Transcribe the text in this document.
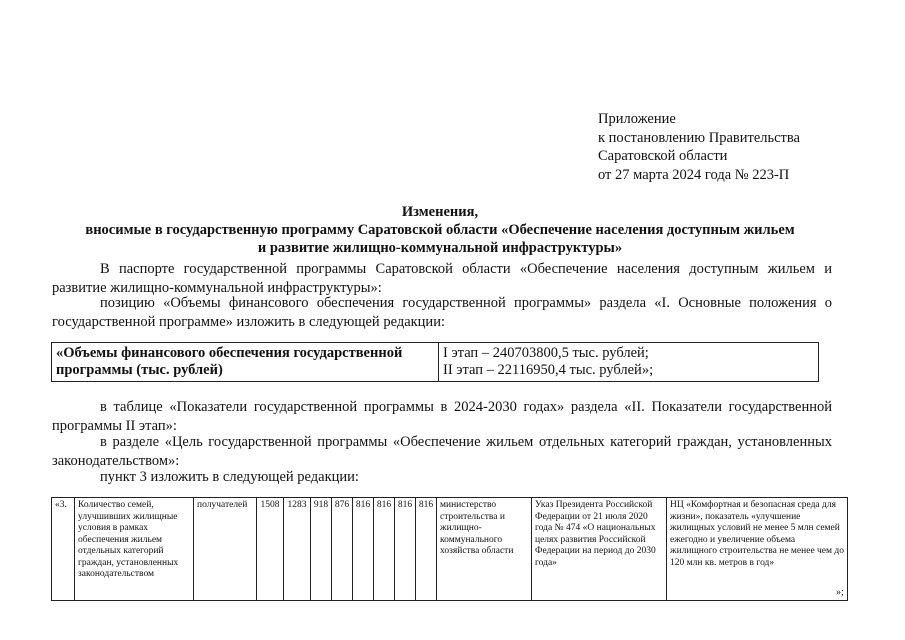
Приложение
к постановлению Правительства
Саратовской области
от 27 марта 2024 года № 223-П
Изменения,
вносимые в государственную программу Саратовской области «Обеспечение населения доступным жильем
и развитие жилищно-коммунальной инфраструктуры»
В паспорте государственной программы Саратовской области «Обеспечение населения доступным жильем и развитие жилищно-коммунальной инфраструктуры»:
позицию «Объемы финансового обеспечения государственной программы» раздела «I. Основные положения о государственной программе» изложить в следующей редакции:
«Объемы финансового обеспечения государственной программы (тыс. рублей)	
I этап – 240703800,5 тыс. рублей;
II этап – 22116950,4 тыс. рублей»;
в таблице «Показатели государственной программы в 2024-2030 годах» раздела «II. Показатели государственной программы II этап»:
в разделе «Цель государственной программы «Обеспечение жильем отдельных категорий граждан, установленных законодательством»:
пункт 3 изложить в следующей редакции:
«3.	Количество семей, улучшивших жилищные условия в рамках обеспечения жильем отдельных категорий граждан, установленных законодательством	получателей	1508	1283	918	876	816	816	816	816	министерство строительства и жилищно-коммунального хозяйства области	Указ Президента Российской Федерации от 21 июля 2020 года № 474 «О национальных целях развития Российской Федерации на период до 2030 года»	НЦ «Комфортная и безопасная среда для жизни», показатель «улучшение жилищных условий не менее 5 млн семей ежегодно и увеличение объема жилищного строительства не менее чем до 120 млн кв. метров в год»
»;
